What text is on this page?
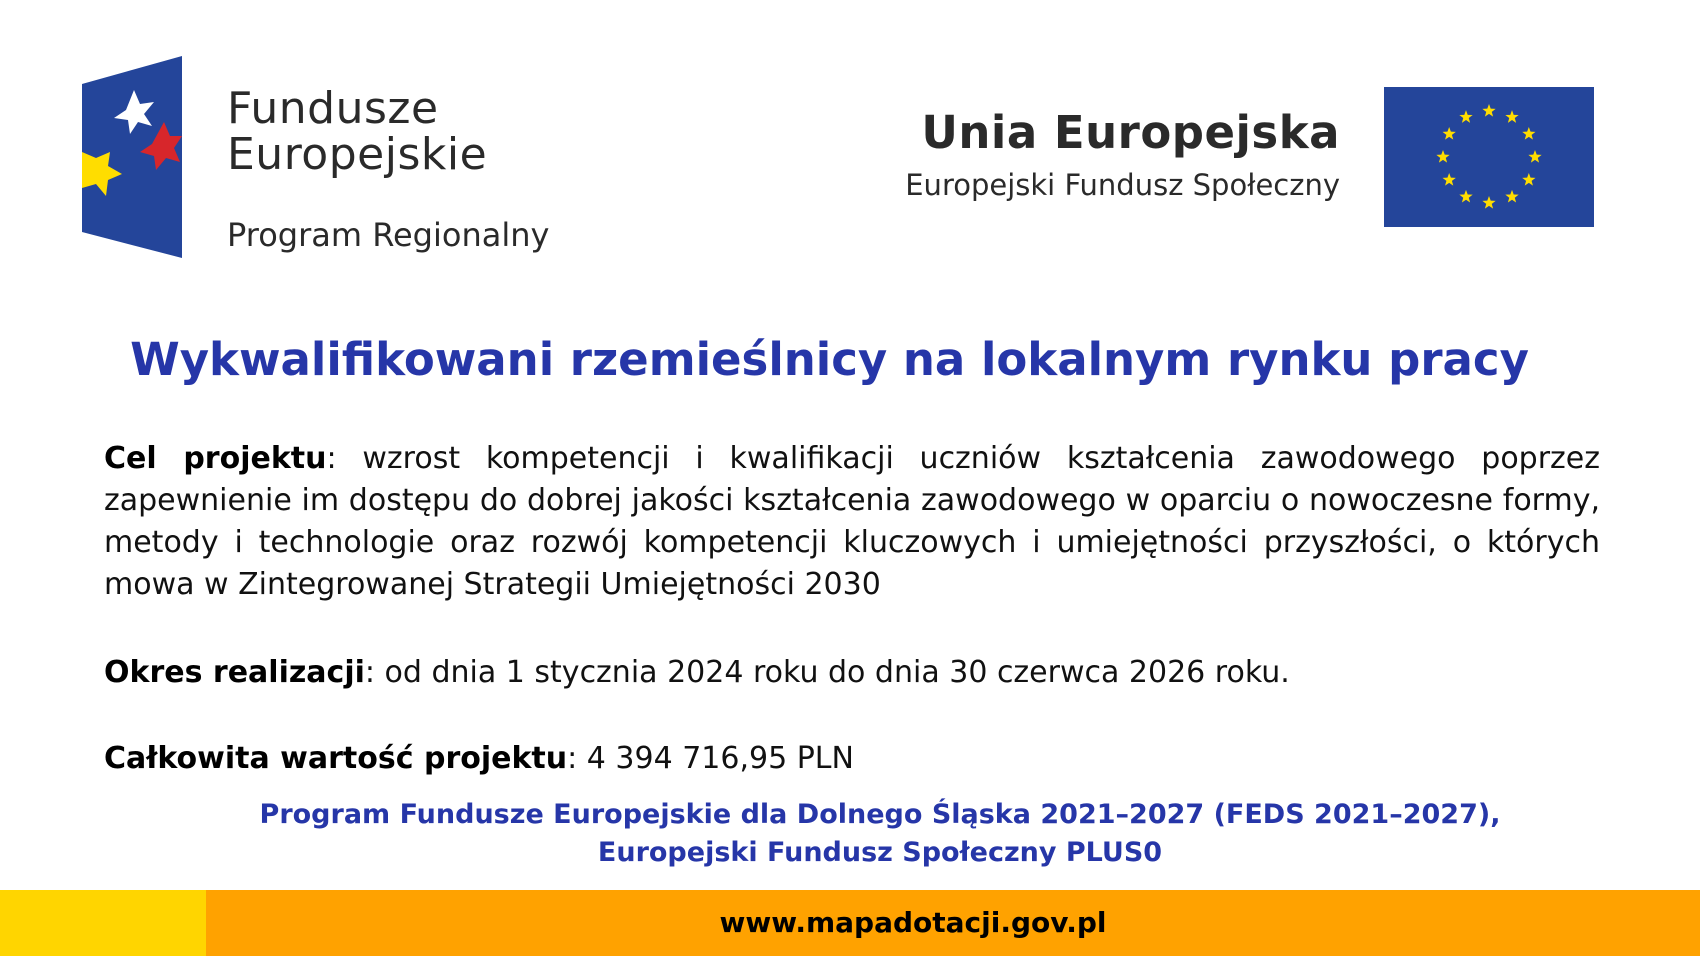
Fundusze
Europejskie
Program Regionalny
Unia Europejska
Europejski Fundusz Społeczny
Wykwalifikowani rzemieślnicy na lokalnym rynku pracy
Cel projektu: wzrost kompetencji i kwalifikacji uczniów kształcenia zawodowego poprzez zapewnienie im dostępu do dobrej jakości kształcenia zawodowego w oparciu o nowoczesne formy, metody i technologie oraz rozwój kompetencji kluczowych i umiejętności przyszłości, o których mowa w Zintegrowanej Strategii Umiejętności 2030
Okres realizacji: od dnia 1 stycznia 2024 roku do dnia 30 czerwca 2026 roku.
Całkowita wartość projektu: 4 394 716,95 PLN
Program Fundusze Europejskie dla Dolnego Śląska 2021–2027 (FEDS 2021–2027),
Europejski Fundusz Społeczny PLUS0
www.mapadotacji.gov.pl
